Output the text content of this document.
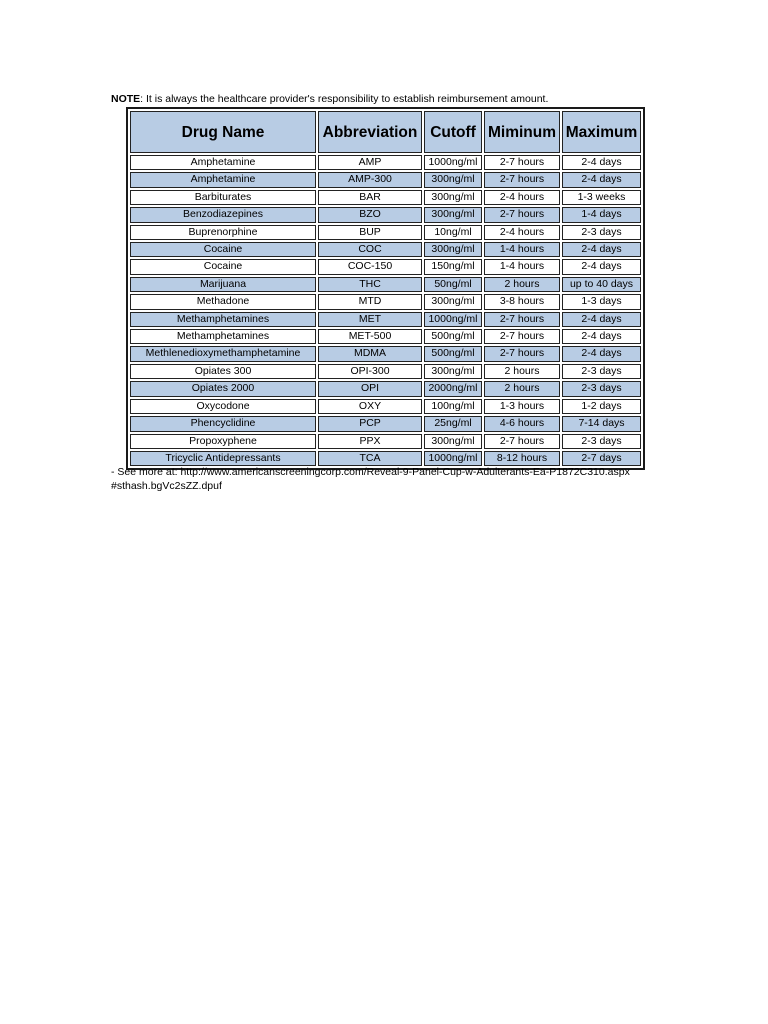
NOTE: It is always the healthcare provider's responsibility to establish reimbursement amount.
Drug Name	Abbreviation	Cutoff	Miminum	Maximum
Amphetamine	AMP	1000ng/ml	2-7 hours	2-4 days
Amphetamine	AMP-300	300ng/ml	2-7 hours	2-4 days
Barbiturates	BAR	300ng/ml	2-4 hours	1-3 weeks
Benzodiazepines	BZO	300ng/ml	2-7 hours	1-4 days
Buprenorphine	BUP	10ng/ml	2-4 hours	2-3 days
Cocaine	COC	300ng/ml	1-4 hours	2-4 days
Cocaine	COC-150	150ng/ml	1-4 hours	2-4 days
Marijuana	THC	50ng/ml	2 hours	up to 40 days
Methadone	MTD	300ng/ml	3-8 hours	1-3 days
Methamphetamines	MET	1000ng/ml	2-7 hours	2-4 days
Methamphetamines	MET-500	500ng/ml	2-7 hours	2-4 days
Methlenedioxymethamphetamine	MDMA	500ng/ml	2-7 hours	2-4 days
Opiates 300	OPI-300	300ng/ml	2 hours	2-3 days
Opiates 2000	OPI	2000ng/ml	2 hours	2-3 days
Oxycodone	OXY	100ng/ml	1-3 hours	1-2 days
Phencyclidine	PCP	25ng/ml	4-6 hours	7-14 days
Propoxyphene	PPX	300ng/ml	2-7 hours	2-3 days
Tricyclic Antidepressants	TCA	1000ng/ml	8-12 hours	2-7 days
- See more at: http://www.americanscreeningcorp.com/Reveal-9-Panel-Cup-w-Adulterants-Ea-P1872C310.aspx#sthash.bgVc2sZZ.dpuf
